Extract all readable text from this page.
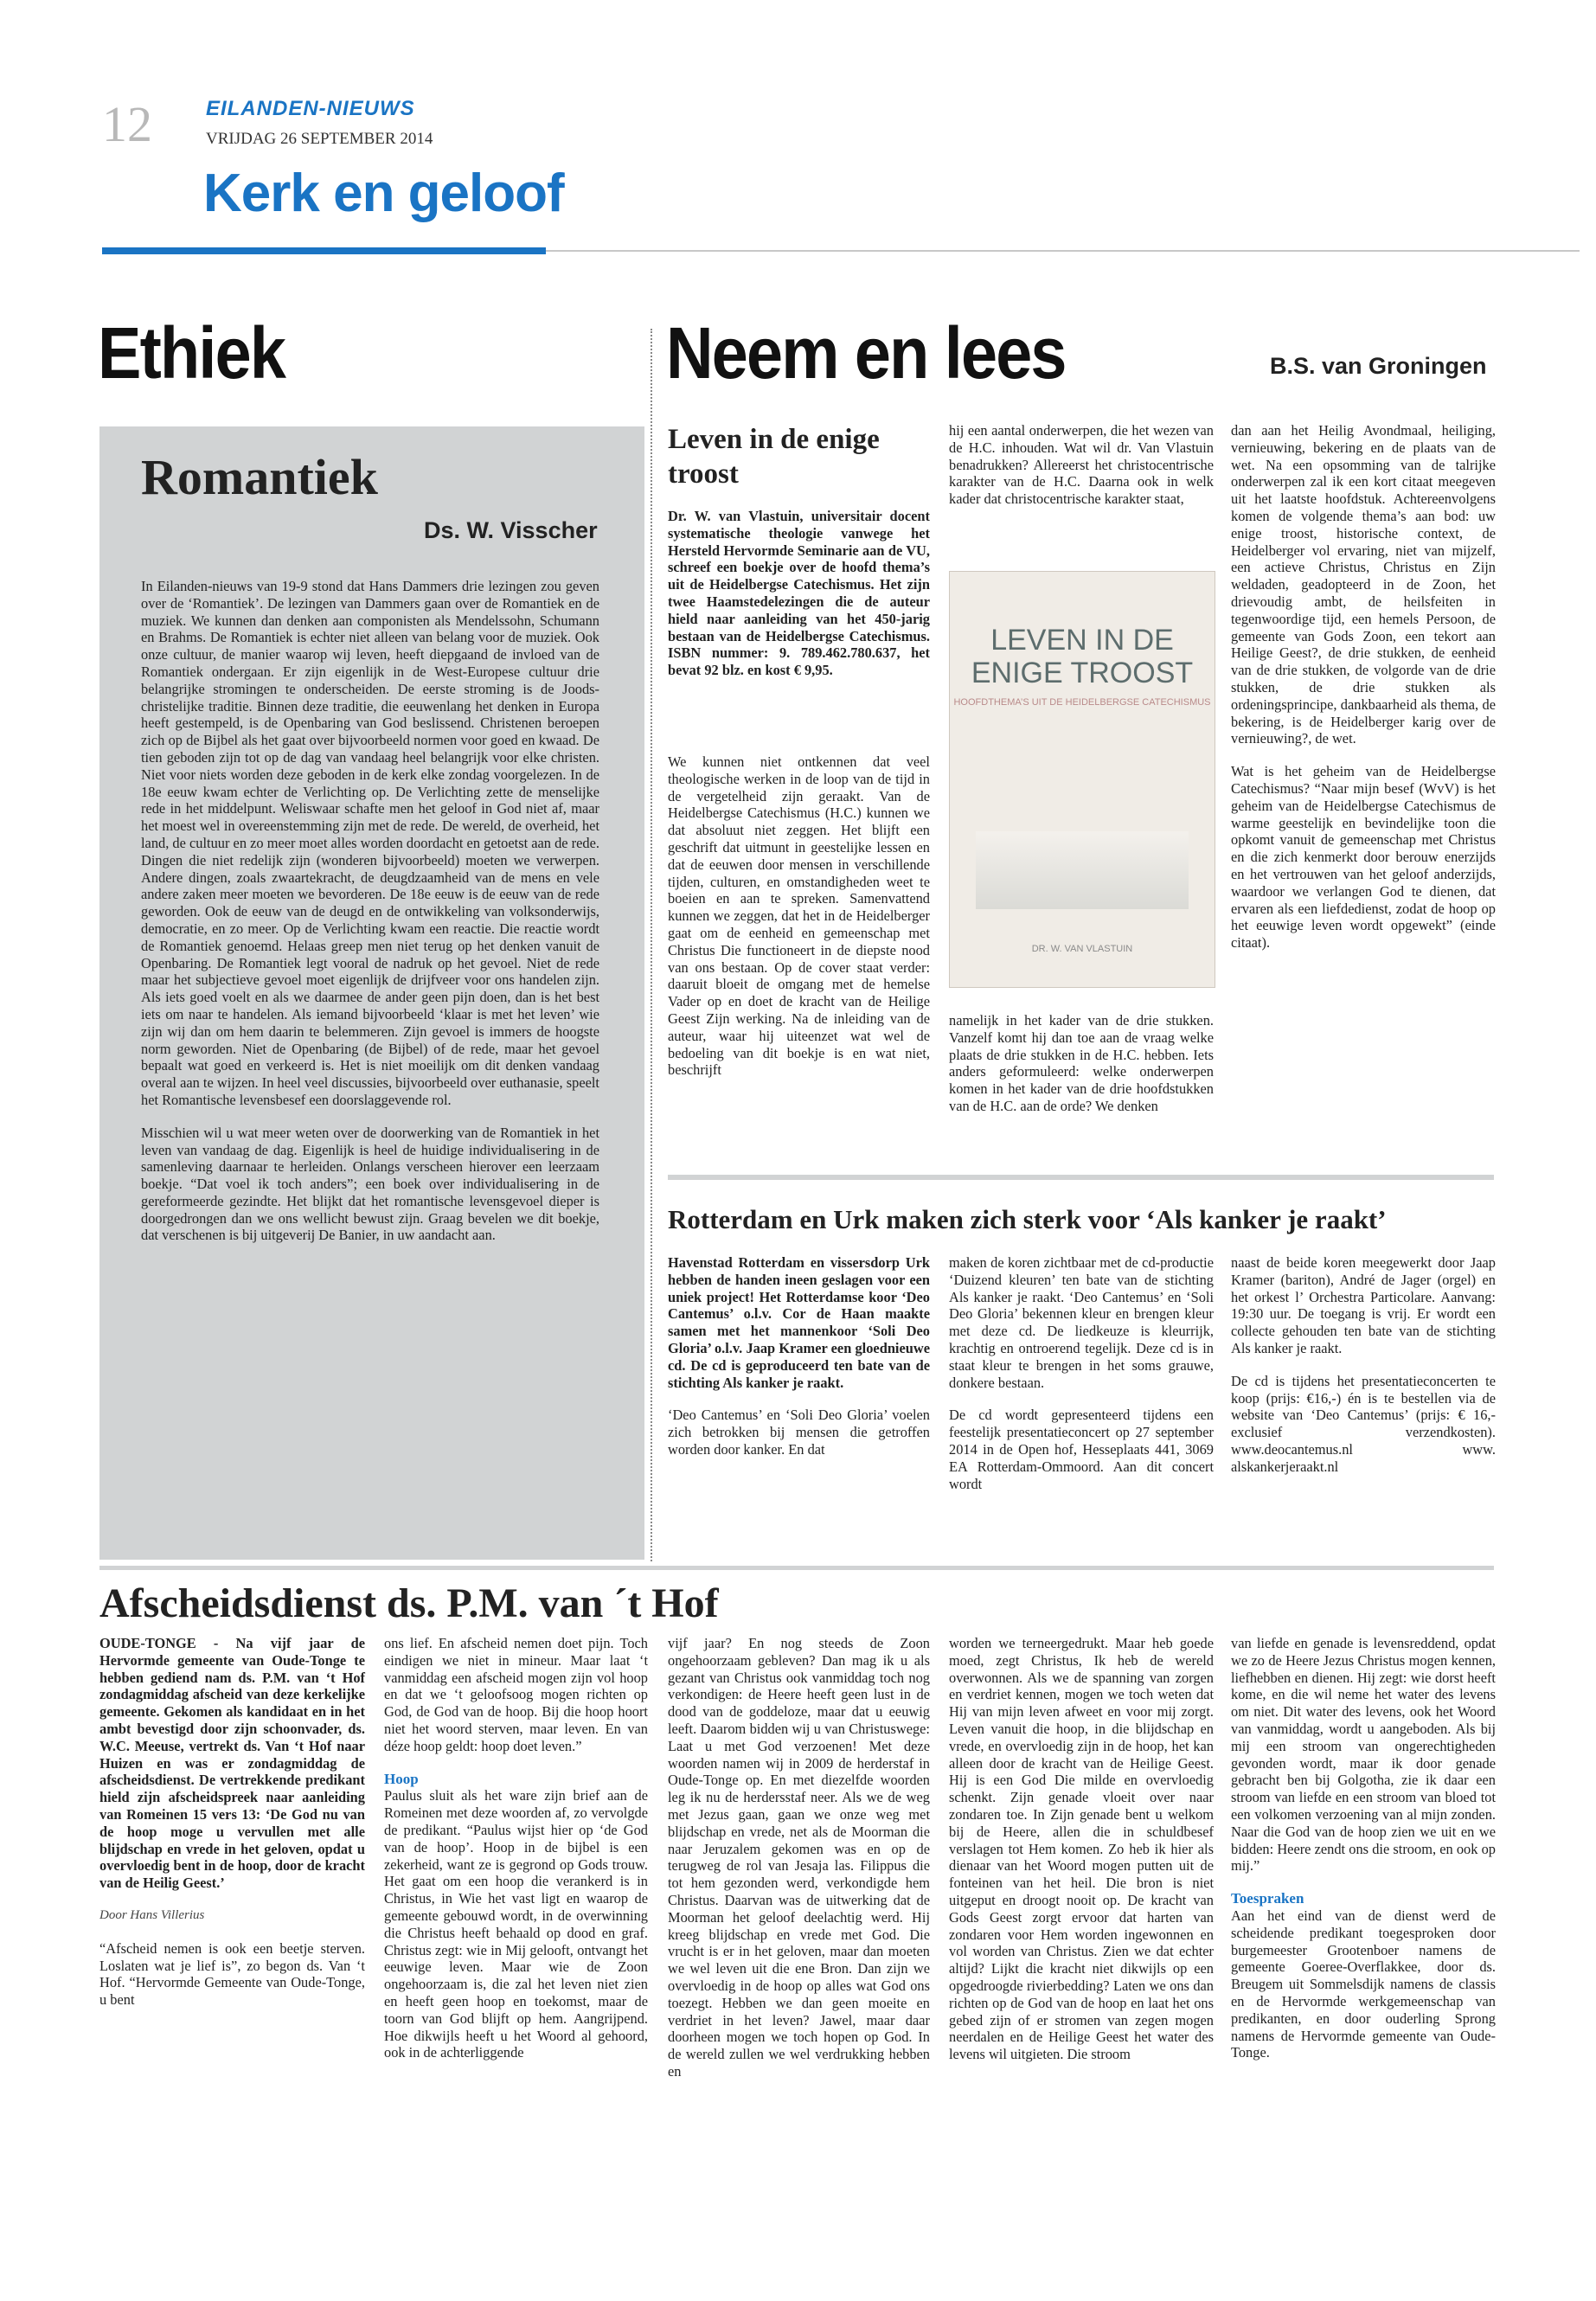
12	EILANDEN-NIEUWS
VRIJDAG 26 SEPTEMBER 2014
Kerk en geloof
Ethiek
Romantiek
Ds. W. Visscher

In Eilanden-nieuws van 19-9 stond dat Hans Dammers drie lezingen zou geven over de ‘Romantiek’. De lezingen van Dammers gaan over de Romantiek en de muziek. We kunnen dan denken aan componisten als Mendelssohn, Schumann en Brahms. De Romantiek is echter niet alleen van belang voor de muziek. Ook onze cultuur, de manier waarop wij leven, heeft diepgaand de invloed van de Romantiek ondergaan. Er zijn eigenlijk in de West-Europese cultuur drie belangrijke stromingen te onderscheiden. De eerste stroming is de Joods-christelijke traditie. Binnen deze traditie, die eeuwenlang het denken in Europa heeft gestempeld, is de Openbaring van God beslissend. Christenen beroepen zich op de Bijbel als het gaat over bijvoorbeeld normen voor goed en kwaad. De tien geboden zijn tot op de dag van vandaag heel belangrijk voor elke christen. Niet voor niets worden deze geboden in de kerk elke zondag voorgelezen. In de 18e eeuw kwam echter de Verlichting op. De Verlichting zette de menselijke rede in het middelpunt. Weliswaar schafte men het geloof in God niet af, maar het moest wel in overeenstemming zijn met de rede. De wereld, de overheid, het land, de cultuur en zo meer moet alles worden doordacht en getoetst aan de rede. Dingen die niet redelijk zijn (wonderen bijvoorbeeld) moeten we verwerpen. Andere dingen, zoals zwaartekracht, de deugdzaamheid van de mens en vele andere zaken meer moeten we bevorderen. De 18e eeuw is de eeuw van de rede geworden. Ook de eeuw van de deugd en de ontwikkeling van volksonderwijs, democratie, en zo meer. Op de Verlichting kwam een reactie. Die reactie wordt de Romantiek genoemd. Helaas greep men niet terug op het denken vanuit de Openbaring. De Romantiek legt vooral de nadruk op het gevoel. Niet de rede maar het subjectieve gevoel moet eigenlijk de drijfveer voor ons handelen zijn. Als iets goed voelt en als we daarmee de ander geen pijn doen, dan is het best iets om naar te handelen. Als iemand bijvoorbeeld ‘klaar is met het leven’ wie zijn wij dan om hem daarin te belemmeren. Zijn gevoel is immers de hoogste norm geworden. Niet de Openbaring (de Bijbel) of de rede, maar het gevoel bepaalt wat goed en verkeerd is. Het is niet moeilijk om dit denken vandaag overal aan te wijzen. In heel veel discussies, bijvoorbeeld over euthanasie, speelt het Romantische levensbesef een doorslaggevende rol.

Misschien wil u wat meer weten over de doorwerking van de Romantiek in het leven van vandaag de dag. Eigenlijk is heel de huidige individualisering in de samenleving daarnaar te herleiden. Onlangs verscheen hierover een leerzaam boekje. “Dat voel ik toch anders”; een boek over individualisering in de gereformeerde gezindte. Het blijkt dat het romantische levensgevoel dieper is doorgedrongen dan we ons wellicht bewust zijn. Graag bevelen we dit boekje, dat verschenen is bij uitgeverij De Banier, in uw aandacht aan.

Neem en lees	B.S. van Groningen
Leven in de enige troost
Dr. W. van Vlastuin, universitair docent systematische theologie vanwege het Hersteld Hervormde Seminarie aan de VU, schreef een boekje over de hoofd thema’s uit de Heidelbergse Catechismus. Het zijn twee Haamstedelezingen die de auteur hield naar aanleiding van het 450-jarig bestaan van de Heidelbergse Catechismus. ISBN nummer: 9. 789.462.780.637, het bevat 92 blz. en kost € 9,95.
We kunnen niet ontkennen dat veel theologische werken in de loop van de tijd in de vergetelheid zijn geraakt. Van de Heidelbergse Catechismus (H.C.) kunnen we dat absoluut niet zeggen. Het blijft een geschrift dat uitmunt in geestelijke lessen en dat de eeuwen door mensen in verschillende tijden, culturen, en omstandigheden weet te boeien en aan te spreken. Samenvattend kunnen we zeggen, dat het in de Heidelberger gaat om de eenheid en gemeenschap met Christus Die functioneert in de diepste nood van ons bestaan. Op de cover staat verder: daaruit bloeit de omgang met de hemelse Vader op en doet de kracht van de Heilige Geest Zijn werking. Na de inleiding van de auteur, waar hij uiteenzet wat wel de bedoeling van dit boekje is en wat niet, beschrijft
hij een aantal onderwerpen, die het wezen van de H.C. inhouden. Wat wil dr. Van Vlastuin benadrukken? Allereerst het christocentrische karakter van de H.C. Daarna ook in welk kader dat christocentrische karakter staat,
LEVEN IN DE ENIGE TROOST
HOOFDTHEMA’S UIT DE HEIDELBERGSE CATECHISMUS
DR. W. VAN VLASTUIN
namelijk in het kader van de drie stukken. Vanzelf komt hij dan toe aan de vraag welke plaats de drie stukken in de H.C. hebben. Iets anders geformuleerd: welke onderwerpen komen in het kader van de drie hoofdstukken van de H.C. aan de orde? We denken

dan aan het Heilig Avondmaal, heiliging, vernieuwing, bekering en de plaats van de wet. Na een opsomming van de talrijke onderwerpen zal ik een kort citaat meegeven uit het laatste hoofdstuk. Achtereenvolgens komen de volgende thema’s aan bod: uw enige troost, historische context, de Heidelberger vol ervaring, niet van mijzelf, een actieve Christus, Christus en Zijn weldaden, geadopteerd in de Zoon, het drievoudig ambt, de heilsfeiten in tegenwoordige tijd, een hemels Persoon, de gemeente van Gods Zoon, een tekort aan Heilige Geest?, de drie stukken, de eenheid van de drie stukken, de volgorde van de drie stukken, de drie stukken als ordeningsprincipe, dankbaarheid als thema, de bekering, is de Heidelberger karig over de vernieuwing?, de wet.

Wat is het geheim van de Heidelbergse Catechismus? “Naar mijn besef (WvV) is het geheim van de Heidelbergse Catechismus de warme geestelijk en bevindelijke toon die opkomt vanuit de gemeenschap met Christus en die zich kenmerkt door berouw enerzijds en het vertrouwen van het geloof anderzijds, waardoor we verlangen God te dienen, dat ervaren als een liefdedienst, zodat de hoop op het eeuwige leven wordt opgewekt” (einde citaat).

Rotterdam en Urk maken zich sterk voor ‘Als kanker je raakt’

Havenstad Rotterdam en vissersdorp Urk hebben de handen ineen geslagen voor een uniek project! Het Rotterdamse koor ‘Deo Cantemus’ o.l.v. Cor de Haan maakte samen met het mannenkoor ‘Soli Deo Gloria’ o.l.v. Jaap Kramer een gloednieuwe cd. De cd is geproduceerd ten bate van de stichting Als kanker je raakt.

‘Deo Cantemus’ en ‘Soli Deo Gloria’ voelen zich betrokken bij mensen die getroffen worden door kanker. En dat

maken de koren zichtbaar met de cd-productie ‘Duizend kleuren’ ten bate van de stichting Als kanker je raakt. ‘Deo Cantemus’ en ‘Soli Deo Gloria’ bekennen kleur en brengen kleur met deze cd. De liedkeuze is kleurrijk, krachtig en ontroerend tegelijk. Deze cd is in staat kleur te brengen in het soms grauwe, donkere bestaan.

De cd wordt gepresenteerd tijdens een feestelijk presentatieconcert op 27 september 2014 in de Open hof, Hesseplaats 441, 3069 EA Rotterdam-Ommoord. Aan dit concert wordt

naast de beide koren meegewerkt door Jaap Kramer (bariton), André de Jager (orgel) en het orkest l’ Orchestra Particolare. Aanvang: 19:30 uur. De toegang is vrij. Er wordt een collecte gehouden ten bate van de stichting Als kanker je raakt.

De cd is tijdens het presentatieconcerten te koop (prijs: €16,-) én is te bestellen via de website van ‘Deo Cantemus’ (prijs: € 16,- exclusief verzendkosten). www.deocantemus.nl www. alskankerjeraakt.nl

Afscheidsdienst ds. P.M. van ´t Hof

OUDE-TONGE - Na vijf jaar de Hervormde gemeente van Oude-Tonge te hebben gediend nam ds. P.M. van ‘t Hof zondagmiddag afscheid van deze kerkelijke gemeente. Gekomen als kandidaat en in het ambt bevestigd door zijn schoonvader, ds. W.C. Meeuse, vertrekt ds. Van ‘t Hof naar Huizen en was er zondagmiddag de afscheidsdienst. De vertrekkende predikant hield zijn afscheidspreek naar aanleiding van Romeinen 15 vers 13: ‘De God nu van de hoop moge u vervullen met alle blijdschap en vrede in het geloven, opdat u overvloedig bent in de hoop, door de kracht van de Heilig Geest.’

Door Hans Villerius

“Afscheid nemen is ook een beetje sterven. Loslaten wat je lief is”, zo begon ds. Van ‘t Hof. “Hervormde Gemeente van Oude-Tonge, u bent

ons lief. En afscheid nemen doet pijn. Toch eindigen we niet in mineur. Maar laat ‘t vanmiddag een afscheid mogen zijn vol hoop en dat we ‘t geloofsoog mogen richten op God, de God van de hoop. Bij die hoop hoort niet het woord sterven, maar leven. En van déze hoop geldt: hoop doet leven.”

Hoop

Paulus sluit als het ware zijn brief aan de Romeinen met deze woorden af, zo vervolgde de predikant. “Paulus wijst hier op ‘de God van de hoop’. Hoop in de bijbel is een zekerheid, want ze is gegrond op Gods trouw. Het gaat om een hoop die verankerd is in Christus, in Wie het vast ligt en waarop de gemeente gebouwd wordt, in de overwinning die Christus heeft behaald op dood en graf. Christus zegt: wie in Mij gelooft, ontvangt het eeuwige leven. Maar wie de Zoon ongehoorzaam is, die zal het leven niet zien en heeft geen hoop en toekomst, maar de toorn van God blijft op hem. Aangrijpend. Hoe dikwijls heeft u het Woord al gehoord, ook in de achterliggende

vijf jaar? En nog steeds de Zoon ongehoorzaam gebleven? Dan mag ik u als gezant van Christus ook vanmiddag toch nog verkondigen: de Heere heeft geen lust in de dood van de goddeloze, maar dat u eeuwig leeft. Daarom bidden wij u van Christuswege: Laat u met God verzoenen! Met deze woorden namen wij in 2009 de herderstaf in Oude-Tonge op. En met diezelfde woorden leg ik nu de herdersstaf neer. Als we de weg met Jezus gaan, gaan we onze weg met blijdschap en vrede, net als de Moorman die naar Jeruzalem gekomen was en op de terugweg de rol van Jesaja las. Filippus die tot hem gezonden werd, verkondigde hem Christus. Daarvan was de uitwerking dat de Moorman het geloof deelachtig werd. Hij kreeg blijdschap en vrede met God. Die vrucht is er in het geloven, maar dan moeten we wel leven uit die ene Bron. Dan zijn we overvloedig in de hoop op alles wat God ons toezegt. Hebben we dan geen moeite en verdriet in het leven? Jawel, maar daar doorheen mogen we toch hopen op God. In de wereld zullen we wel verdrukking hebben en
worden we terneergedrukt. Maar heb goede moed, zegt Christus, Ik heb de wereld overwonnen. Als we de spanning van zorgen en verdriet kennen, mogen we toch weten dat Hij van mijn leven afweet en voor mij zorgt. Leven vanuit die hoop, in die blijdschap en vrede, en overvloedig zijn in de hoop, het kan alleen door de kracht van de Heilige Geest. Hij is een God Die milde en overvloedig schenkt. Zijn genade vloeit over naar zondaren toe. In Zijn genade bent u welkom bij de Heere, allen die in schuldbesef verslagen tot Hem komen. Zo heb ik hier als dienaar van het Woord mogen putten uit de fonteinen van het heil. Die bron is niet uitgeput en droogt nooit op. De kracht van Gods Geest zorgt ervoor dat harten van zondaren voor Hem worden ingewonnen en vol worden van Christus. Zien we dat echter altijd? Lijkt die kracht niet dikwijls op een opgedroogde rivierbedding? Laten we ons dan richten op de God van de hoop en laat het ons gebed zijn of er stromen van zegen mogen neerdalen en de Heilige Geest het water des levens wil uitgieten. Die stroom

van liefde en genade is levensreddend, opdat we zo de Heere Jezus Christus mogen kennen, liefhebben en dienen. Hij zegt: wie dorst heeft kome, en die wil neme het water des levens om niet. Dit water des levens, ook het Woord van vanmiddag, wordt u aangeboden. Als bij mij een stroom van ongerechtigheden gevonden wordt, maar ik door genade gebracht ben bij Golgotha, zie ik daar een stroom van liefde en een stroom van bloed tot een volkomen verzoening van al mijn zonden. Naar die God van de hoop zien we uit en we bidden: Heere zendt ons die stroom, en ook op mij.”

Toespraken

Aan het eind van de dienst werd de scheidende predikant toegesproken door burgemeester Grootenboer namens de gemeente Goeree-Overflakkee, door ds. Breugem uit Sommelsdijk namens de classis en de Hervormde werkgemeenschap van predikanten, en door ouderling Sprong namens de Hervormde gemeente van Oude-Tonge.
